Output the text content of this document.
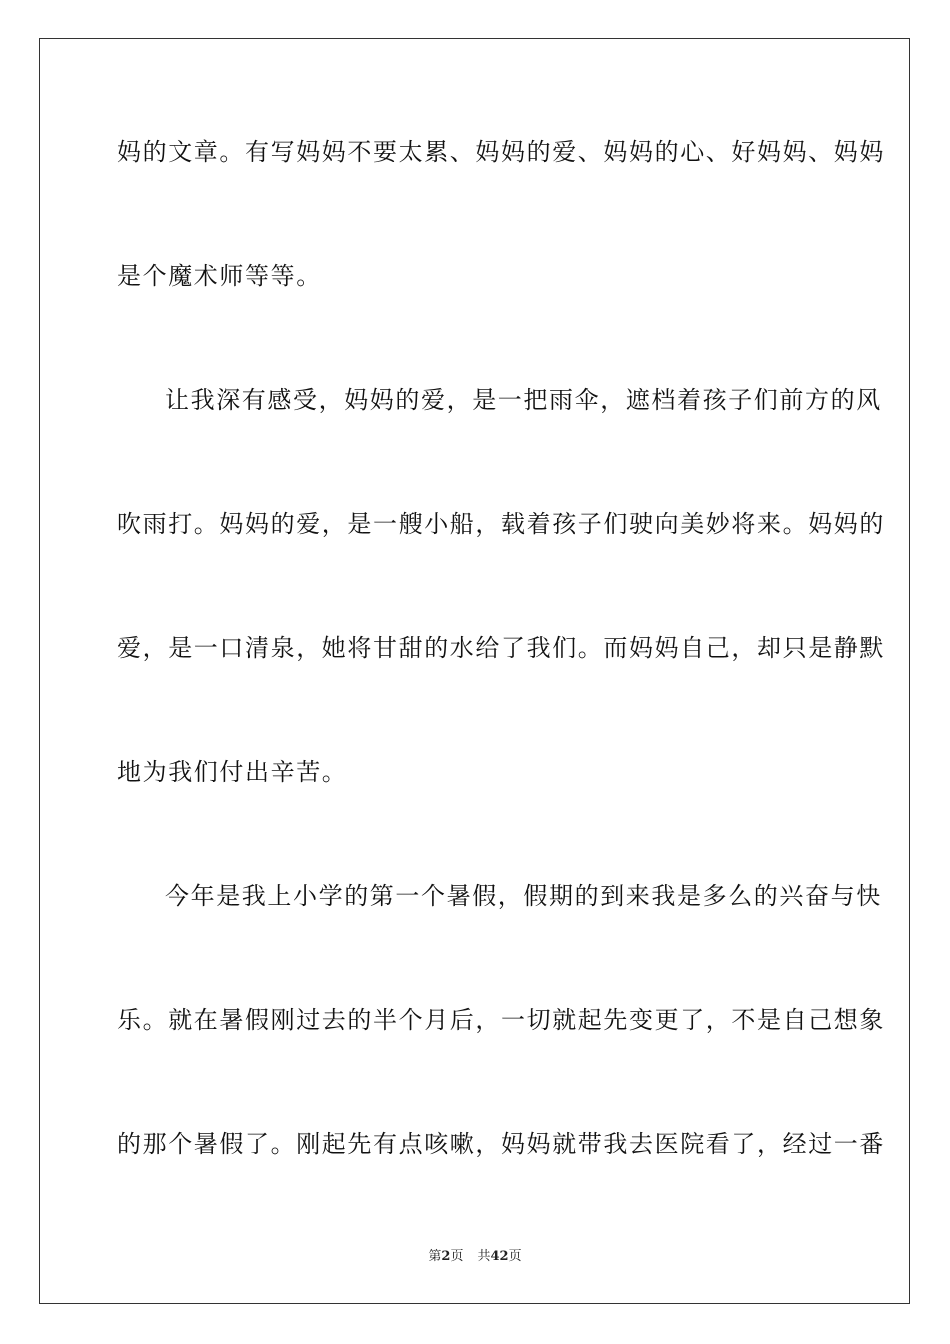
妈的文章。有写妈妈不要太累、妈妈的爱、妈妈的心、好妈妈、妈妈
是个魔术师等等。
让我深有感受，妈妈的爱，是一把雨伞，遮档着孩子们前方的风
吹雨打。妈妈的爱，是一艘小船，载着孩子们驶向美妙将来。妈妈的
爱，是一口清泉，她将甘甜的水给了我们。而妈妈自己，却只是静默
地为我们付出辛苦。
今年是我上小学的第一个暑假，假期的到来我是多么的兴奋与快
乐。就在暑假刚过去的半个月后，一切就起先变更了，不是自己想象
的那个暑假了。刚起先有点咳嗽，妈妈就带我去医院看了，经过一番
第2页 共42页
